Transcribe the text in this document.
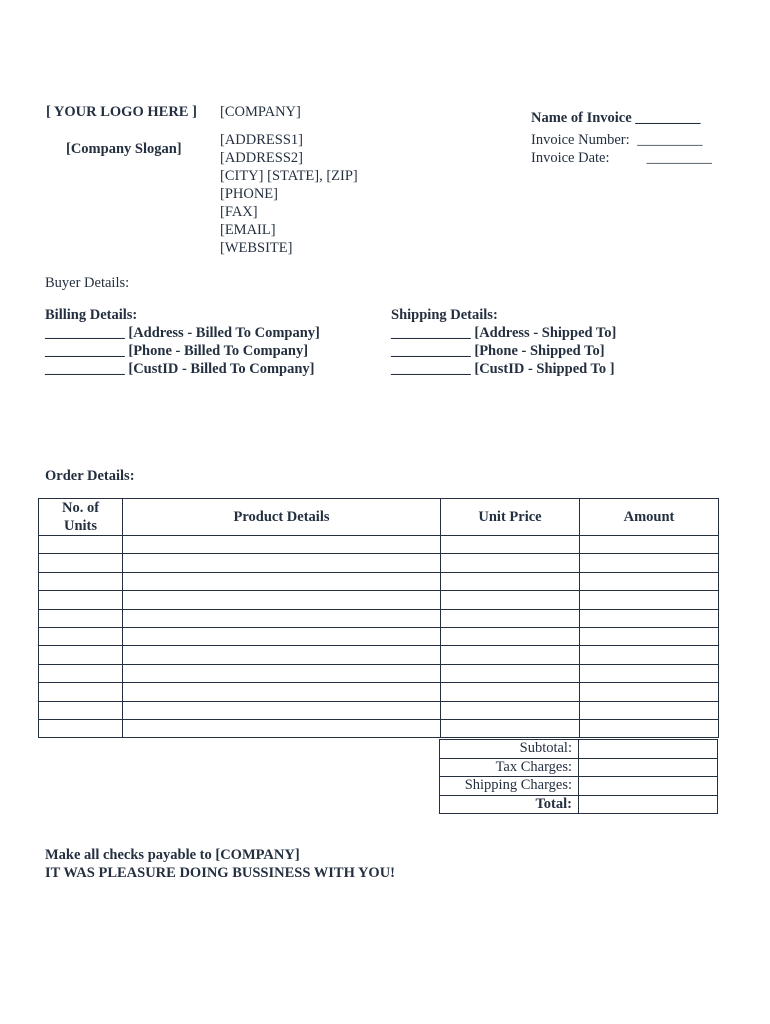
[ YOUR LOGO HERE ]
[Company Slogan]
[COMPANY]
[ADDRESS1]
[ADDRESS2]
[CITY] [STATE], [ZIP]
[PHONE]
[FAX]
[EMAIL]
[WEBSITE]
Name of Invoice _________
Invoice Number: _________
Invoice Date:	_________
Buyer Details:
Billing Details:
___________ [Address - Billed To Company]
___________ [Phone - Billed To Company]
___________ [CustID - Billed To Company]
Shipping Details:
___________ [Address - Shipped To]
___________ [Phone - Shipped To]
___________ [CustID - Shipped To ]
Order Details:
No. of Units	Product Details	Unit Price	Amount

Subtotal:	
Tax Charges:	
Shipping Charges:	
Total:	
Make all checks payable to [COMPANY]
IT WAS PLEASURE DOING BUSSINESS WITH YOU!
